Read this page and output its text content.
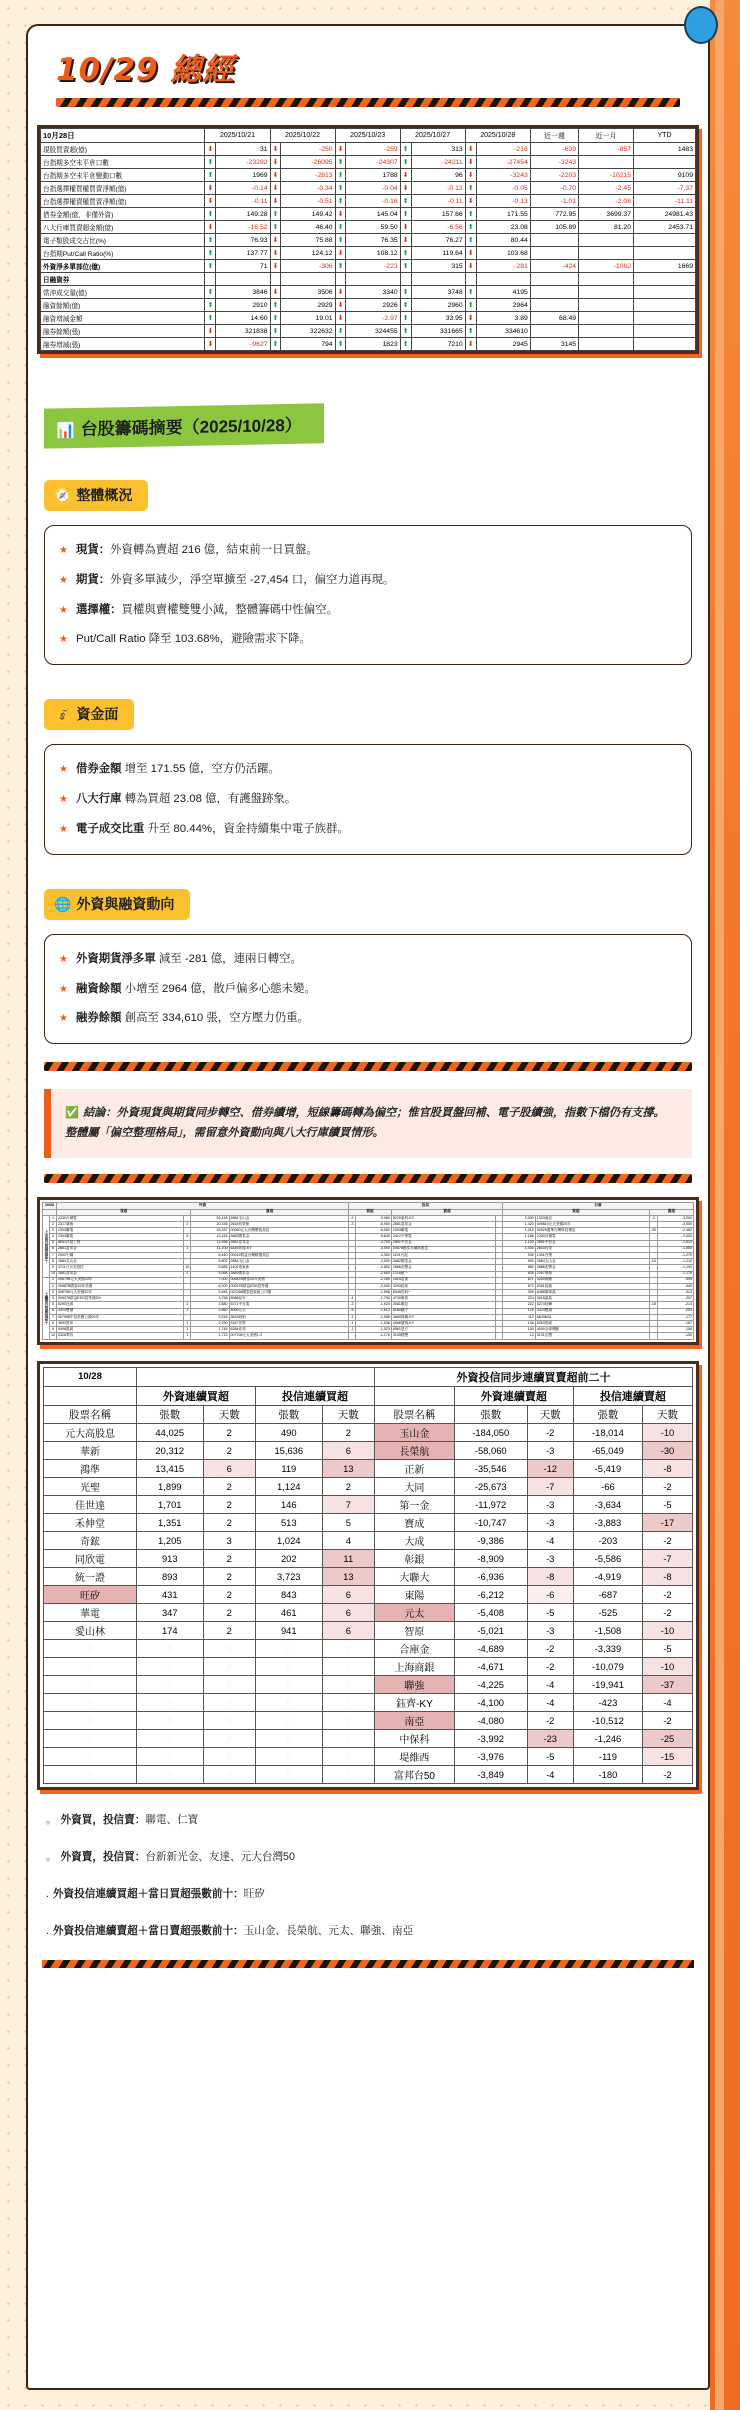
10/29 總經
10月28日	2025/10/21		2025/10/22		2025/10/23		2025/10/27		2025/10/28		近一週	近一月	YTD
現股買賣超(億)	⬇	31	⬇	-250	⬇	-259	⬆	313	⬇	-216	-639	-857	1483
台指期多空未平倉口數	⬆	-23282	⬇	-26095	⬆	-24307	⬆	-24211	⬇	-27454	-3243		
台指期多空未平倉變動口數	⬆	1969	⬇	-2813	⬆	1788	⬇	96	⬇	-3243	-2203	-10215	9109
台指選擇權買權買賣淨額(億)	⬇	-0.14	⬇	-0.34	⬆	-0.04	⬇	-0.12	⬆	-0.05	-0.70	-2.45	-7.37
台指選擇權賣權買賣淨額(億)	⬇	-0.11	⬇	-0.51	⬆	-0.16	⬆	-0.11	⬇	-0.13	-1.01	-2.08	-11.11
借券金額(億，非僅外資)	⬆	149.28	⬆	149.42	⬇	145.04	⬆	157.66	⬆	171.55	772.95	3699.37	24981.43
八大行庫買賣超金額(億)	⬇	-16.52	⬆	46.40	⬆	59.50	⬇	-6.56	⬆	23.08	105.89	81.20	2453.71
電子類股成交占比(%)	⬆	76.93	⬇	75.88	⬆	76.35	⬇	76.27	⬆	80.44			
台指期Put/Call Ratio(%)	⬆	137.77	⬇	124.12	⬇	108.12	⬆	119.64	⬇	103.68			
外資淨多單部位(億)	⬆	71	⬇	-306	⬆	-223	⬆	315	⬇	-281	-424	-1062	1669
日融資券													
當沖成交量(億)	⬆	3846	⬇	3506	⬇	3340	⬆	3748	⬆	4195			
融資餘額(億)	⬆	2910	⬆	2929	⬇	2926	⬆	2960	⬆	2964			
融資增減金額	⬆	14.60	⬆	19.01	⬇	-2.97	⬆	33.95	⬇	3.89	68.49		
融券餘額(張)	⬇	321838	⬆	322632	⬆	324455	⬆	331665	⬆	334610			
融券增減(張)	⬇	-9627	⬆	794	⬆	1823	⬆	7210	⬇	2945	3145		
📊 台股籌碼摘要（2025/10/28）
🧭 整體概況
★ 現貨：外資轉為賣超 216 億，結束前一日買盤。
★ 期貨：外資多單減少，淨空單擴至 -27,454 口，偏空力道再現。
★ 選擇權：買權與賣權雙雙小減，整體籌碼中性偏空。
★ Put/Call Ratio 降至 103.68%，避險需求下降。
💰 資金面
★ 借券金額 增至 171.55 億，空方仍活躍。
★ 八大行庫 轉為買超 23.08 億，有護盤跡象。
★ 電子成交比重 升至 80.44%，資金持續集中電子族群。
🌐 外資與融資動向
★ 外資期貨淨多單 減至 -281 億，連兩日轉空。
★ 融資餘額 小增至 2964 億，散戶偏多心態未變。
★ 融券餘額 創高至 334,610 張，空方壓力仍重。
✅ 結論：外資現貨與期貨同步轉空、借券續增，短線籌碼轉為偏空；惟官股買盤回補、電子股續強，指數下檔仍有支撐。整體屬「偏空整理格局」，需留意外資動向與八大行庫續買情形。
10/28		外資				投信				行庫			
		買超		賣超		買超		賣超		買超		賣超	
上市當日買賣超前十	1	2330台積電		52,418	2884玉山金	-2	-9,060	5225東科-KY		3,000	1303南亞	-2	-3,000
	2	2317鴻海	2	20,336	2618長榮航	-3	-6,900	2881富邦金		1,420	009810元大美債20年		-3,000
	3	2303聯電		18,337	00940元大台灣價值高息		-6,000	2303聯電		1,212	00929復華台灣科技優息	-30	-2,482
	4	2303聯電	6	13,415	2882國泰金		-5,845	2412中華電		1,166	2330台積電		-2,000
	5	6691洋基工程		11,936	2881富邦金		-4,700	2891中信金		1,100	2891中信金		-1,610
	6	2881富邦金	1	11,100	6446普瑞-KY		-4,000	00878國泰永續高股息		1,000	2603長榮		-1,500
	7	2002中鋼		6,440	00919群益台灣精選高息		-3,300	1101台泥		935	1301台塑		-1,270
	8	2884玉山金		5,802	2884玉山金		-3,000	2882國泰金		900	2884玉山金	-10	-1,210
	9	3711日月光投控	10	5,685	1402遠東新		-2,852	2886兆豐金		880	2886兆豐金		-1,100
	10	2881富邦金	1	5,068	2882國泰金		-2,600	1216統一		826	2357華碩		-1,176
上櫃當日買賣超前十	1	00679B元大美債20年		7,000	00687B國泰20年美債		-2,180	1815富喬		871	3260威剛		-554
	2	00687B國泰20年美債		6,200	00937B群益ESG投等債		-2,000	3293鈊象		872	5351鈺創		-340
	3	006798元大美債20年		5,845	007258國泰投資級公司債		-1,898	6548長科*		309	6488環球晶		-313
	4	009378群益ESG投等債20+		3,758	8088品安	-4	-1,753	4739康普		324	3016嘉晶		-297
	5	6290良維	2	3,680	5371中光電	-2	-1,624	3081聯亞		222	5274信驊	-18	-213
	6	3324雙鴻	1	2,860	8069元太	-5	-1,612	6180橘子		176	3324雙鴻		-203
	7	007958中信美國公債20年		2,516	3625西柏	-1	-1,558	3665貿聯-KY		112	6643M31		-177
	8	3693營邦	1	2,290	5347世界	-1	-1,538	4966譜瑞-KY		106	5263智崴		-167
	9	5498凱崴	1	1,745	6284佳邦	-1	-1,523	6561是方		100	4540全球傳動		-158
	10	5328華容	1	1,713	007198元大美債1-3		-1,178	3105穩懋		12	3131弘塑		-150
10/28					外資投信同步連續買賣超前二十				
	外資連續買超		投信連續買超			外資連續賣超		投信連續賣超	
股票名稱	張數	天數	張數	天數	股票名稱	張數	天數	張數	天數
元大高股息	44,025	2	490	2	玉山金	-184,050	-2	-18,014	-10
華新	20,312	2	15,636	6	長榮航	-58,060	-3	-65,049	-30
鴻準	13,415	6	119	13	正新	-35,546	-12	-5,419	-8
光聖	1,899	2	1,124	2	大同	-25,673	-7	-66	-2
佳世達	1,701	2	146	7	第一金	-11,972	-3	-3,634	-5
禾伸堂	1,351	2	513	5	寶成	-10,747	-3	-3,883	-17
奇鋐	1,205	3	1,024	4	大成	-9,386	-4	-203	-2
同欣電	913	2	202	11	彰銀	-8,909	-3	-5,586	-7
統一證	893	2	3,723	13	大聯大	-6,936	-8	-4,919	-8
旺矽	431	2	843	6	東陽	-6,212	-6	-687	-2
華電	347	2	461	6	元太	-5,408	-5	-525	-2
愛山林	174	2	941	6	智原	-5,021	-3	-1,508	-10
0	0	0	0	0	合庫金	-4,689	-2	-3,339	-5
0	0	0	0	0	上海商銀	-4,671	-2	-10,079	-10
0	0	0	0	0	聯強	-4,225	-4	-19,941	-37
0	0	0	0	0	鈺齊-KY	-4,100	-4	-423	-4
0	0	0	0	0	南亞	-4,080	-2	-10,512	-2
0	0	0	0	0	中保科	-3,992	-23	-1,246	-25
0	0	0	0	0	堤維西	-3,976	-5	-119	-15
0	0	0	0	0	富邦台50	-3,849	-4	-180	-2
。 外資買，投信賣：聯電、仁寶
。 外資賣，投信買：台新新光金、友達、元大台灣50
. 外資投信連續買超＋當日買超張數前十：旺矽
. 外資投信連續賣超＋當日賣超張數前十：玉山金、長榮航、元太、聯強、南亞
